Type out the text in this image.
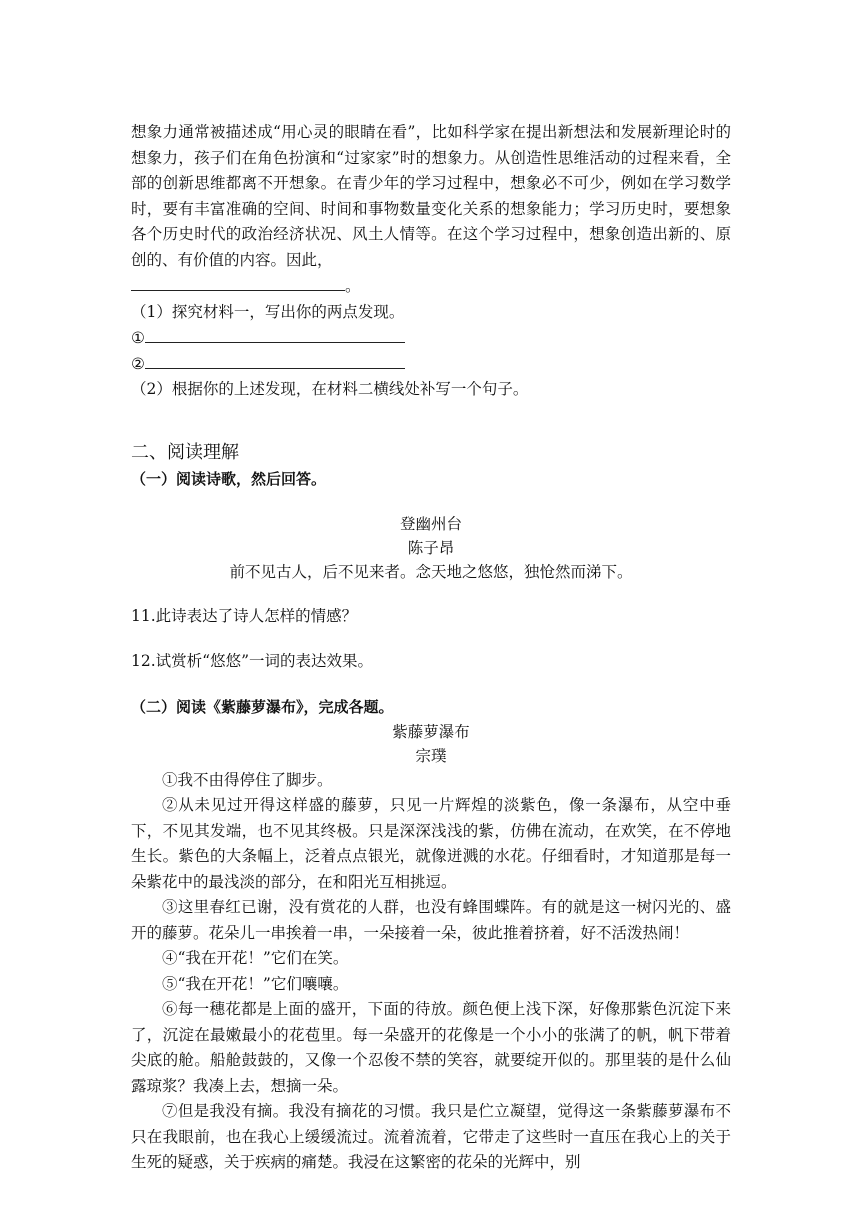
想象力通常被描述成“用心灵的眼睛在看”，比如科学家在提出新想法和发展新理论时的想象力，孩子们在角色扮演和“过家家”时的想象力。从创造性思维活动的过程来看，全部的创新思维都离不开想象。在青少年的学习过程中，想象必不可少，例如在学习数学时，要有丰富准确的空间、时间和事物数量变化关系的想象能力；学习历史时，要想象各个历史时代的政治经济状况、风土人情等。在这个学习过程中，想象创造出新的、原创的、有价值的内容。因此，
。

（1）探究材料一，写出你的两点发现。

①

②

（2）根据你的上述发现，在材料二横线处补写一个句子。

二、阅读理解

（一）阅读诗歌，然后回答。

登幽州台

陈子昂

前不见古人，后不见来者。念天地之悠悠，独怆然而涕下。

11.此诗表达了诗人怎样的情感？

12.试赏析“悠悠”一词的表达效果。

（二）阅读《紫藤萝瀑布》，完成各题。

紫藤萝瀑布

宗璞

①我不由得停住了脚步。

②从未见过开得这样盛的藤萝，只见一片辉煌的淡紫色，像一条瀑布，从空中垂下，不见其发端，也不见其终极。只是深深浅浅的紫，仿佛在流动，在欢笑，在不停地生长。紫色的大条幅上，泛着点点银光，就像迸溅的水花。仔细看时，才知道那是每一朵紫花中的最浅淡的部分，在和阳光互相挑逗。

③这里春红已谢，没有赏花的人群，也没有蜂围蝶阵。有的就是这一树闪光的、盛开的藤萝。花朵儿一串挨着一串，一朵接着一朵，彼此推着挤着，好不活泼热闹！

④“我在开花！”它们在笑。

⑤“我在开花！”它们嚷嚷。

⑥每一穗花都是上面的盛开，下面的待放。颜色便上浅下深，好像那紫色沉淀下来了，沉淀在最嫩最小的花苞里。每一朵盛开的花像是一个小小的张满了的帆，帆下带着尖底的舱。船舱鼓鼓的，又像一个忍俊不禁的笑容，就要绽开似的。那里装的是什么仙露琼浆？我凑上去，想摘一朵。

⑦但是我没有摘。我没有摘花的习惯。我只是伫立凝望，觉得这一条紫藤萝瀑布不只在我眼前，也在我心上缓缓流过。流着流着，它带走了这些时一直压在我心上的关于生死的疑惑，关于疾病的痛楚。我浸在这繁密的花朵的光辉中，别
